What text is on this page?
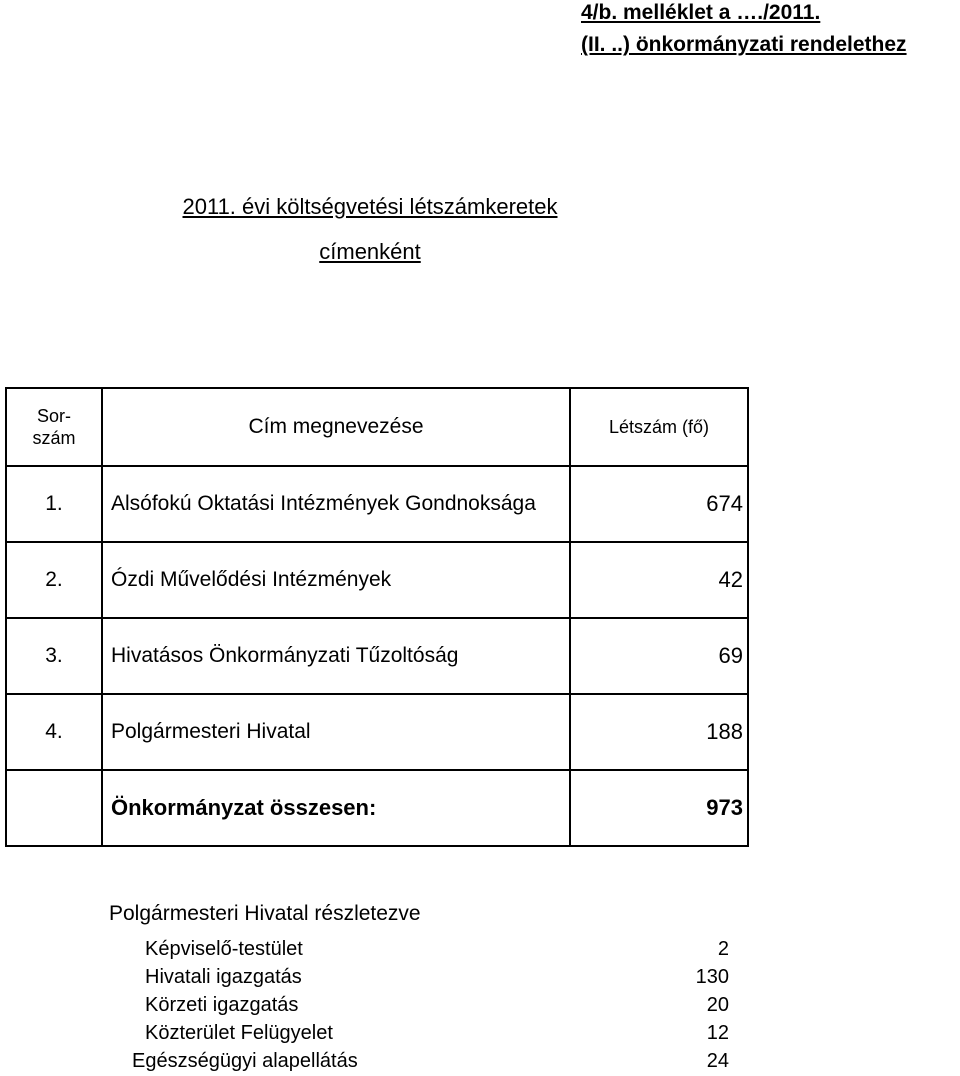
4/b. melléklet a …./2011.
(II. ..) önkormányzati rendelethez
2011. évi költségvetési létszámkeretek
címenként
Sor-
szám	Cím megnevezése	Létszám (fő)
1.	Alsófokú Oktatási Intézmények Gondnoksága	674
2.	Ózdi Művelődési Intézmények	42
3.	Hivatásos Önkormányzati Tűzoltóság	69
4.	Polgármesteri Hivatal	188
	Önkormányzat összesen:	973
Polgármesteri Hivatal részletezve
Képviselő-testület	2
Hivatali igazgatás	130
Körzeti igazgatás	20
Közterület Felügyelet	12
Egészségügyi alapellátás	24
